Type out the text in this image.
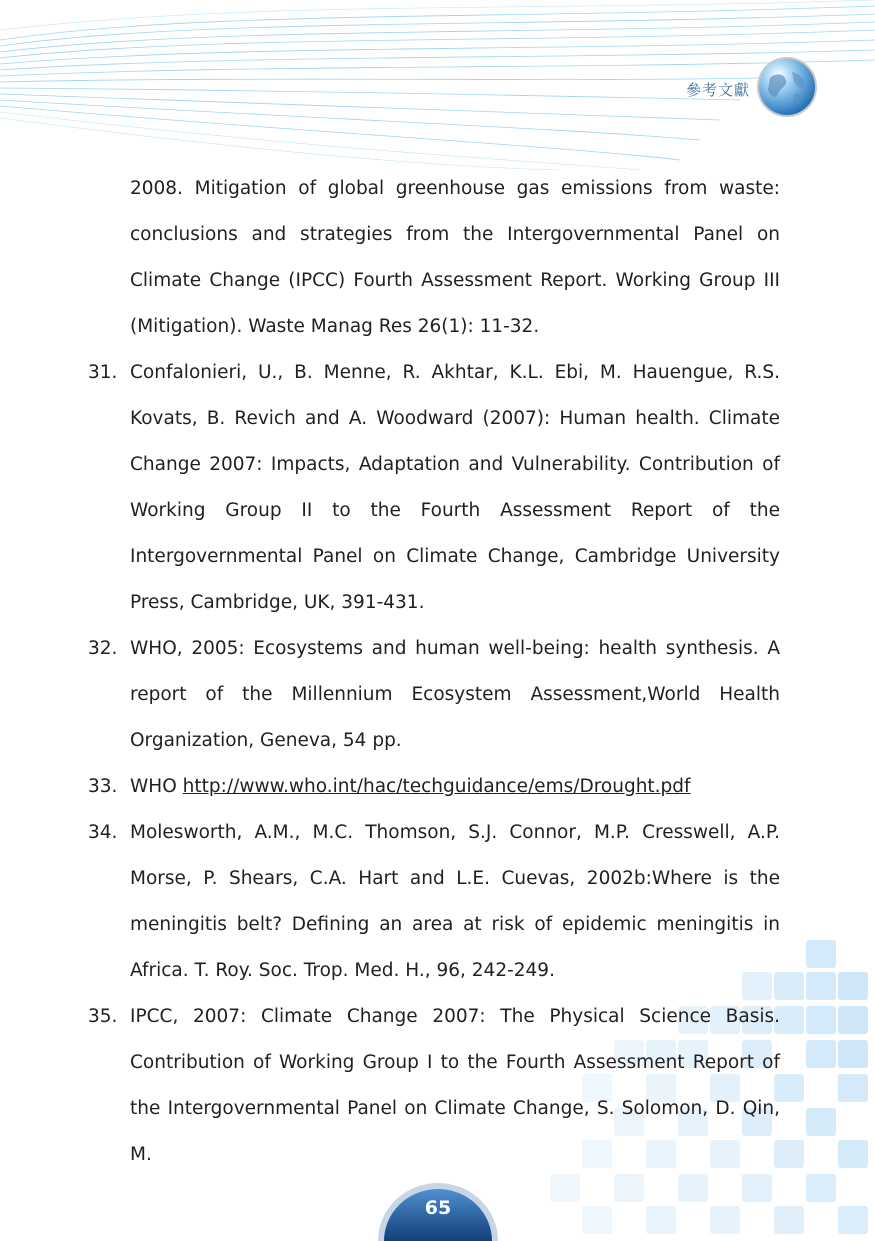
參考文獻
2008. Mitigation of global greenhouse gas emissions from waste: conclusions and strategies from the Intergovernmental Panel on Climate Change (IPCC) Fourth Assessment Report. Working Group III (Mitigation). Waste Manag Res 26(1): 11-32.
31. Confalonieri, U., B. Menne, R. Akhtar, K.L. Ebi, M. Hauengue, R.S. Kovats, B. Revich and A. Woodward (2007): Human health. Climate Change 2007: Impacts, Adaptation and Vulnerability. Contribution of Working Group II to the Fourth Assessment Report of the Intergovernmental Panel on Climate Change, Cambridge University Press, Cambridge, UK, 391-431.
32. WHO, 2005: Ecosystems and human well-being: health synthesis. A report of the Millennium Ecosystem Assessment,World Health Organization, Geneva, 54 pp.
33. WHO http://www.who.int/hac/techguidance/ems/Drought.pdf
34. Molesworth, A.M., M.C. Thomson, S.J. Connor, M.P. Cresswell, A.P. Morse, P. Shears, C.A. Hart and L.E. Cuevas, 2002b:Where is the meningitis belt? Defining an area at risk of epidemic meningitis in Africa. T. Roy. Soc. Trop. Med. H., 96, 242-249.
35. IPCC, 2007: Climate Change 2007: The Physical Science Basis. Contribution of Working Group I to the Fourth Assessment Report of the Intergovernmental Panel on Climate Change, S. Solomon, D. Qin, M.
65
